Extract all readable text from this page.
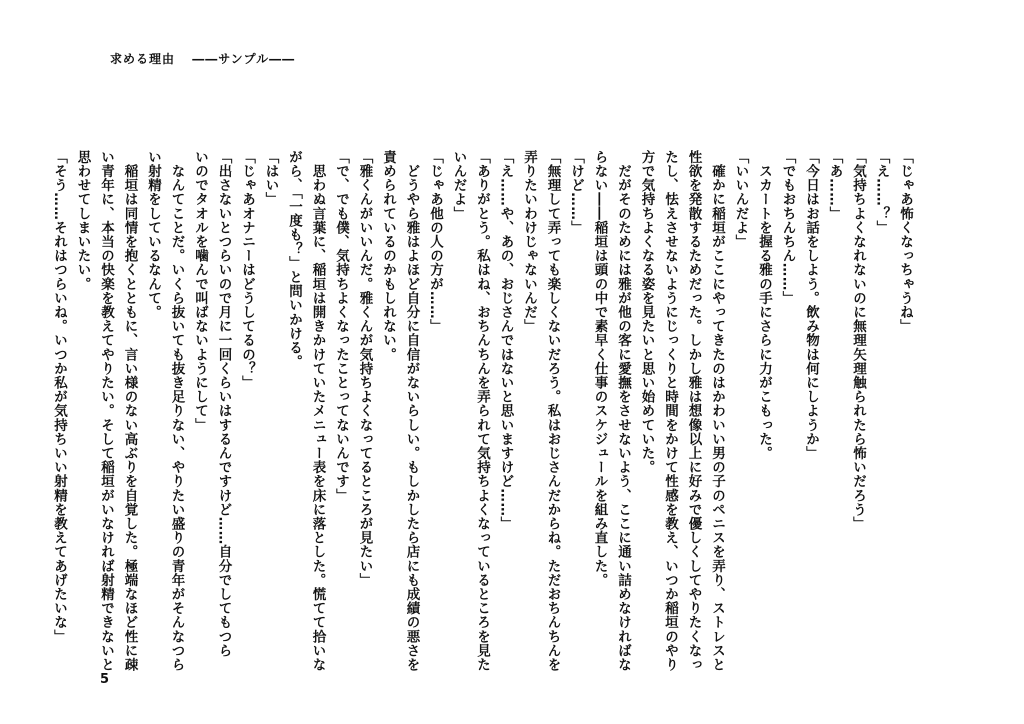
求める理由 ――サンプル――
「じゃあ怖くなっちゃうね」
「え……？」
「気持ちよくなれないのに無理矢理触られたら怖いだろう」
「あ……」
「今日はお話をしよう。飲み物は何にしようか」
「でもおちんちん……」
　スカートを握る雅の手にさらに力がこもった。
「いいんだよ」
　確かに稲垣がここにやってきたのはかわいい男の子のペニスを弄り、ストレスと
性欲を発散するためだった。しかし雅は想像以上に好みで優しくしてやりたくなっ
たし、怯えさせないようにじっくりと時間をかけて性感を教え、いつか稲垣のやり
方で気持ちよくなる姿を見たいと思い始めていた。
　だがそのためには雅が他の客に愛撫をさせないよう、ここに通い詰めなければな
らない――稲垣は頭の中で素早く仕事のスケジュールを組み直した。
「けど……」
「無理して弄っても楽しくないだろう。私はおじさんだからね。ただおちんちんを
弄りたいわけじゃないんだ」
「え……や、あの、おじさんではないと思いますけど……」
「ありがとう。私はね、おちんちんを弄られて気持ちよくなっているところを見た
いんだよ」
「じゃあ他の人の方が……」
　どうやら雅はよほど自分に自信がないらしい。もしかしたら店にも成績の悪さを
責められているのかもしれない。
「雅くんがいいんだ。雅くんが気持ちよくなってるところが見たい」
「で、でも僕、気持ちよくなったことってないんです」
　思わぬ言葉に、稲垣は開きかけていたメニュー表を床に落とした。慌てて拾いな
がら、「一度も？」と問いかける。
「はい」
「じゃあオナニーはどうしてるの？」
「出さないとつらいので月に一回くらいはするんですけど……自分でしてもつら
いのでタオルを噛んで叫ばないようにして」
　なんてことだ。いくら抜いても抜き足りない、やりたい盛りの青年がそんなつら
い射精をしているなんて。
　稲垣は同情を抱くとともに、言い様のない高ぶりを自覚した。極端なほど性に疎
い青年に、本当の快楽を教えてやりたい。そして稲垣がいなければ射精できないと
思わせてしまいたい。
「そう……それはつらいね。いつか私が気持ちいい射精を教えてあげたいな」
5
